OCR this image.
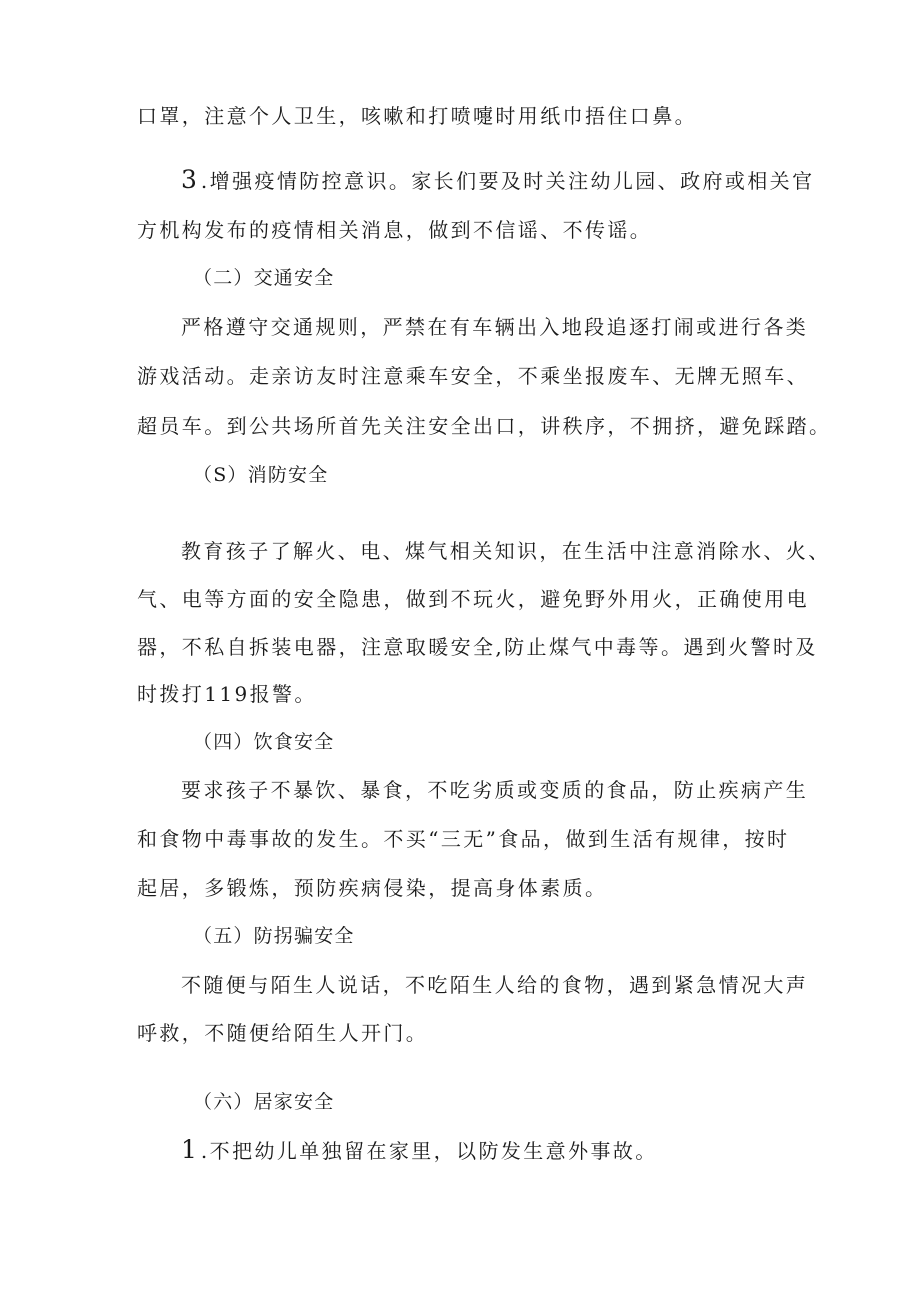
口罩，注意个人卫生，咳嗽和打喷嚏时用纸巾捂住口鼻。
3 .增强疫情防控意识。家长们要及时关注幼儿园、政府或相关官
方机构发布的疫情相关消息，做到不信谣、不传谣。
（二）交通安全
严格遵守交通规则，严禁在有车辆出入地段追逐打闹或进行各类
游戏活动。走亲访友时注意乘车安全，不乘坐报废车、无牌无照车、
超员车。到公共场所首先关注安全出口，讲秩序，不拥挤，避免踩踏。
（S）消防安全
教育孩子了解火、电、煤气相关知识，在生活中注意消除水、火、
气、电等方面的安全隐患，做到不玩火，避免野外用火，正确使用电
器，不私自拆装电器，注意取暖安全,防止煤气中毒等。遇到火警时及
时拨打119报警。
（四）饮食安全
要求孩子不暴饮、暴食，不吃劣质或变质的食品，防止疾病产生
和食物中毒事故的发生。不买“三无”食品，做到生活有规律，按时
起居，多锻炼，预防疾病侵染，提高身体素质。
（五）防拐骗安全
不随便与陌生人说话，不吃陌生人给的食物，遇到紧急情况大声
呼救，不随便给陌生人开门。
（六）居家安全
1 .不把幼儿单独留在家里，以防发生意外事故。
